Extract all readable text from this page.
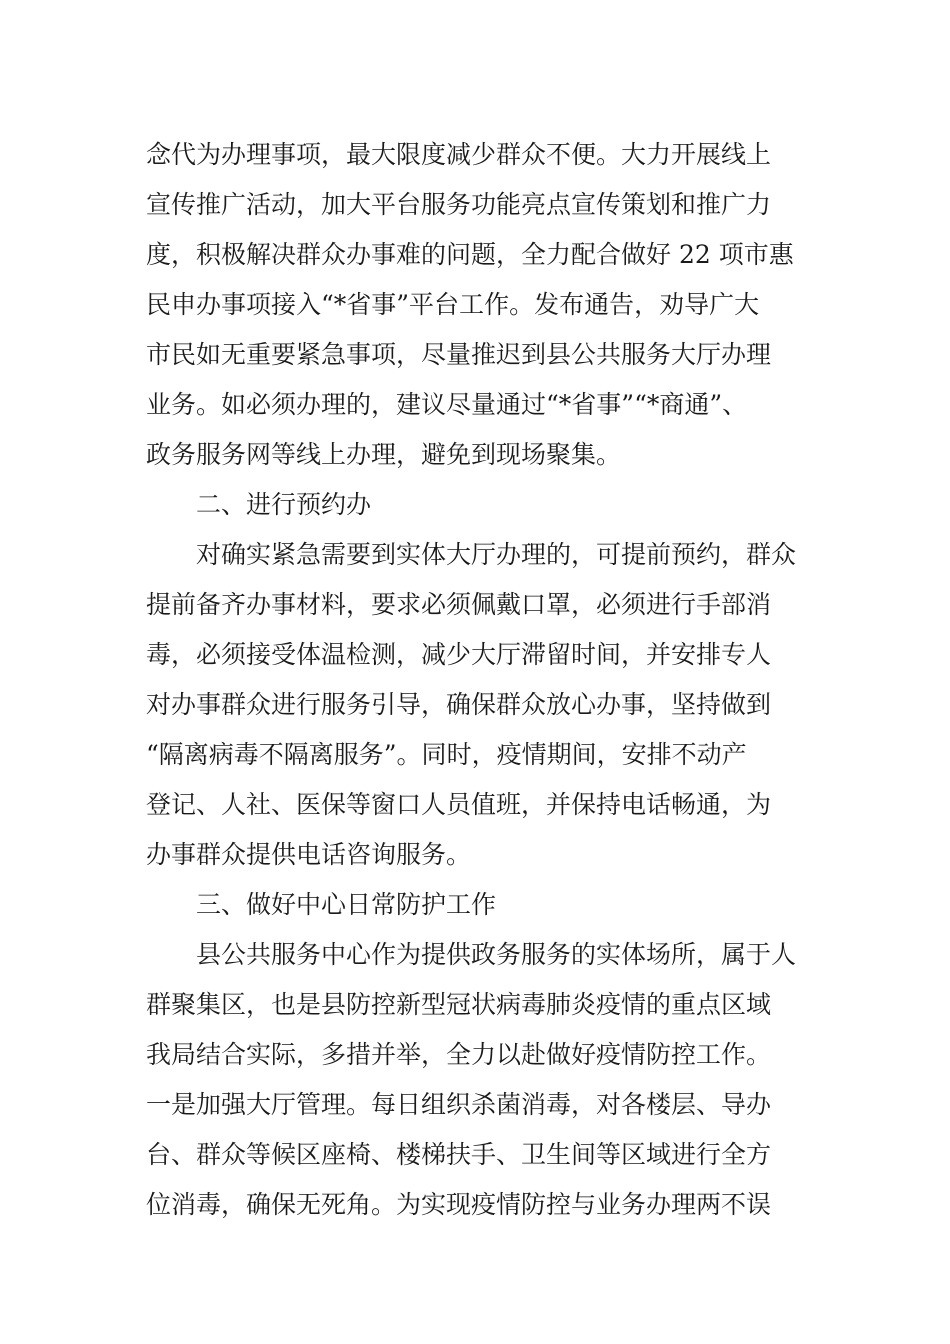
念代为办理事项，最大限度减少群众不便。大力开展线上
宣传推广活动，加大平台服务功能亮点宣传策划和推广力
度，积极解决群众办事难的问题，全力配合做好 22 项市惠
民申办事项接入“*省事”平台工作。发布通告，劝导广大
市民如无重要紧急事项，尽量推迟到县公共服务大厅办理
业务。如必须办理的，建议尽量通过“*省事”“*商通”、
政务服务网等线上办理，避免到现场聚集。
二、进行预约办
对确实紧急需要到实体大厅办理的，可提前预约，群众
提前备齐办事材料，要求必须佩戴口罩，必须进行手部消
毒，必须接受体温检测，减少大厅滞留时间，并安排专人
对办事群众进行服务引导，确保群众放心办事，坚持做到
“隔离病毒不隔离服务”。同时，疫情期间，安排不动产
登记、人社、医保等窗口人员值班，并保持电话畅通，为
办事群众提供电话咨询服务。
三、做好中心日常防护工作
县公共服务中心作为提供政务服务的实体场所，属于人
群聚集区，也是县防控新型冠状病毒肺炎疫情的重点区域
我局结合实际，多措并举，全力以赴做好疫情防控工作。
一是加强大厅管理。每日组织杀菌消毒，对各楼层、导办
台、群众等候区座椅、楼梯扶手、卫生间等区域进行全方
位消毒，确保无死角。为实现疫情防控与业务办理两不误
